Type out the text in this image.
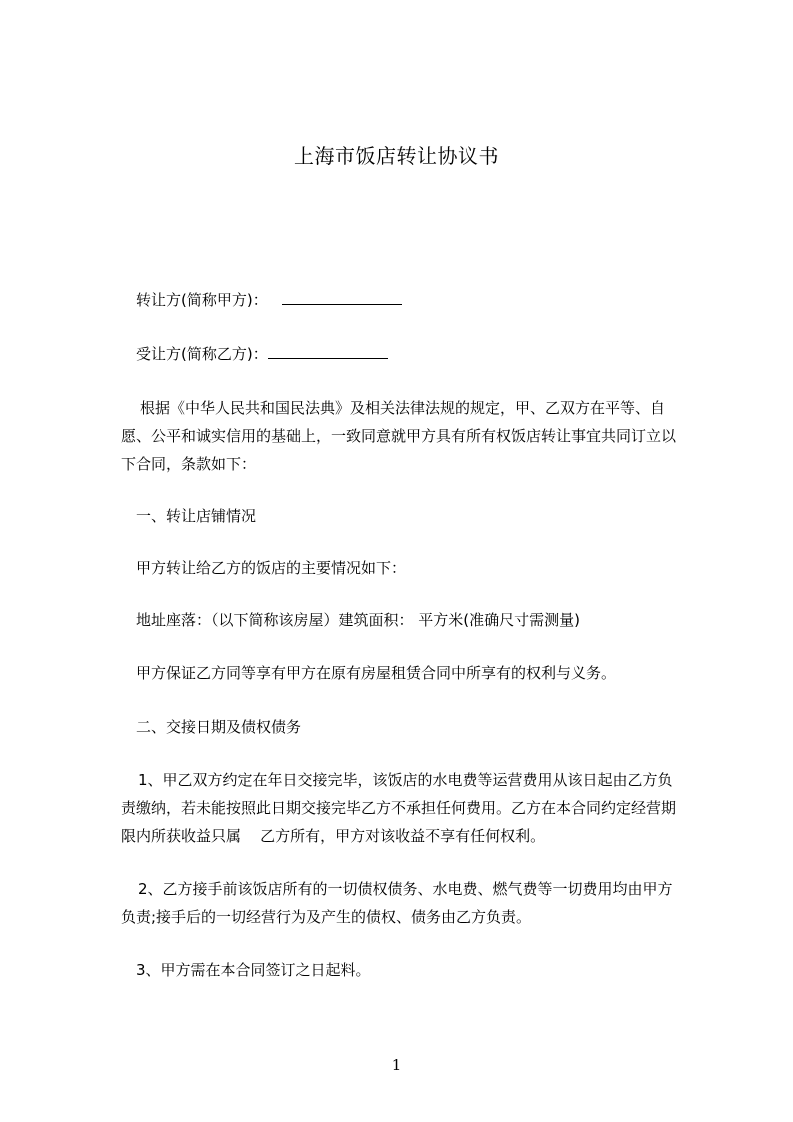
上海市饭店转让协议书
转让方(简称甲方)：
受让方(简称乙方)：
根据《中华人民共和国民法典》及相关法律法规的规定，甲、乙双方在平等、自
愿、公平和诚实信用的基础上，一致同意就甲方具有所有权饭店转让事宜共同订立以
下合同，条款如下：
一、转让店铺情况
甲方转让给乙方的饭店的主要情况如下：
地址座落：（以下简称该房屋）建筑面积： 平方米(准确尺寸需测量)
甲方保证乙方同等享有甲方在原有房屋租赁合同中所享有的权利与义务。
二、交接日期及债权债务
1、甲乙双方约定在年日交接完毕，该饭店的水电费等运营费用从该日起由乙方负
责缴纳，若未能按照此日期交接完毕乙方不承担任何费用。乙方在本合同约定经营期
限内所获收益只属    乙方所有，甲方对该收益不享有任何权利。
2、乙方接手前该饭店所有的一切债权债务、水电费、燃气费等一切费用均由甲方
负责;接手后的一切经营行为及产生的债权、债务由乙方负责。
3、甲方需在本合同签订之日起料。
1
